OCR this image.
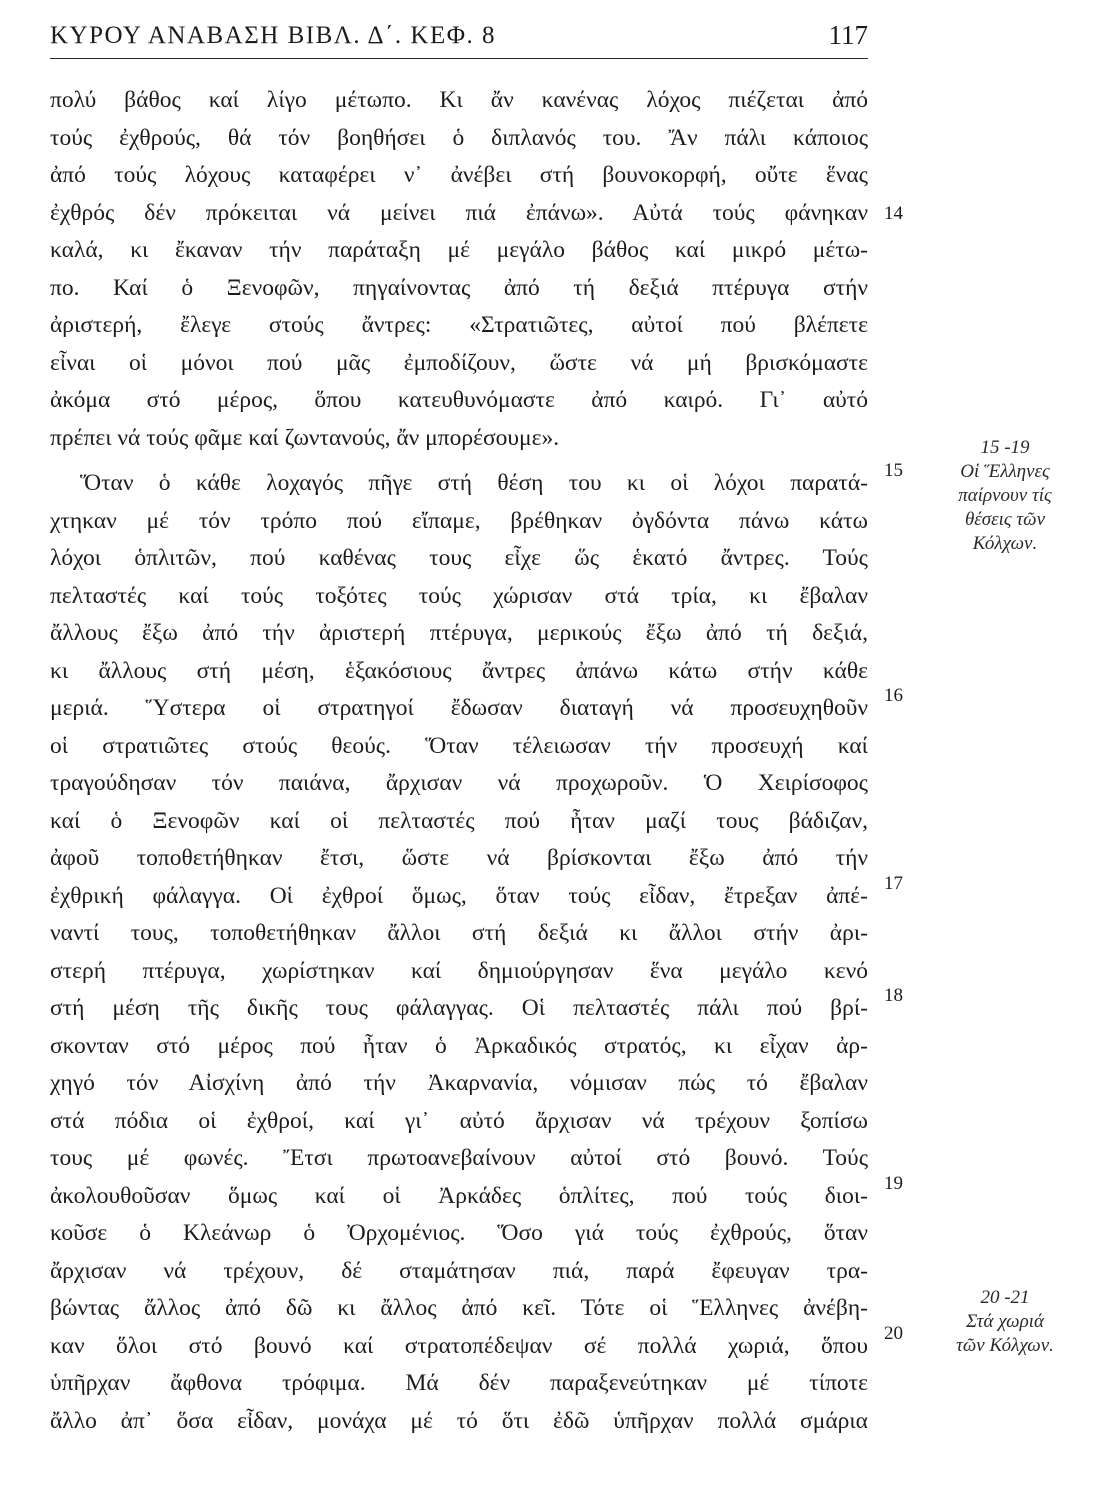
ΚΥΡΟΥ ΑΝΑΒΑΣΗ ΒΙΒΛ. Δ΄. ΚΕΦ. 8	117
πολύ βάθος καί λίγο μέτωπο. Κι ἄν κανένας λόχος πιέζεται ἀπό
τούς ἐχθρούς, θά τόν βοηθήσει ὁ διπλανός του. Ἄν πάλι κάποιος
ἀπό τούς λόχους καταφέρει ν᾿ ἀνέβει στή βουνοκορφή, οὔτε ἕνας
ἐχθρός δέν πρόκειται νά μείνει πιά ἐπάνω». Αὐτά τούς φάνηκαν
καλά, κι ἔκαναν τήν παράταξη μέ μεγάλο βάθος καί μικρό μέτω-
πο. Καί ὁ Ξενοφῶν, πηγαίνοντας ἀπό τή δεξιά πτέρυγα στήν
ἀριστερή, ἔλεγε στούς ἄντρες: «Στρατιῶτες, αὐτοί πού βλέπετε
εἶναι οἱ μόνοι πού μᾶς ἐμποδίζουν, ὥστε νά μή βρισκόμαστε
ἀκόμα στό μέρος, ὅπου κατευθυνόμαστε ἀπό καιρό. Γι᾿ αὐτό
πρέπει νά τούς φᾶμε καί ζωντανούς, ἄν μπορέσουμε».
Ὅταν ὁ κάθε λοχαγός πῆγε στή θέση του κι οἱ λόχοι παρατά-
χτηκαν μέ τόν τρόπο πού εἴπαμε, βρέθηκαν ὀγδόντα πάνω κάτω
λόχοι ὁπλιτῶν, πού καθένας τους εἶχε ὥς ἑκατό ἄντρες. Τούς
πελταστές καί τούς τοξότες τούς χώρισαν στά τρία, κι ἔβαλαν
ἄλλους ἔξω ἀπό τήν ἀριστερή πτέρυγα, μερικούς ἔξω ἀπό τή δεξιά,
κι ἄλλους στή μέση, ἑξακόσιους ἄντρες ἀπάνω κάτω στήν κάθε
μεριά. Ὕστερα οἱ στρατηγοί ἔδωσαν διαταγή νά προσευχηθοῦν
οἱ στρατιῶτες στούς θεούς. Ὅταν τέλειωσαν τήν προσευχή καί
τραγούδησαν τόν παιάνα, ἄρχισαν νά προχωροῦν. Ὁ Χειρίσοφος
καί ὁ Ξενοφῶν καί οἱ πελταστές πού ἦταν μαζί τους βάδιζαν,
ἀφοῦ τοποθετήθηκαν ἔτσι, ὥστε νά βρίσκονται ἔξω ἀπό τήν
ἐχθρική φάλαγγα. Οἱ ἐχθροί ὅμως, ὅταν τούς εἶδαν, ἔτρεξαν ἀπέ-
ναντί τους, τοποθετήθηκαν ἄλλοι στή δεξιά κι ἄλλοι στήν ἀρι-
στερή πτέρυγα, χωρίστηκαν καί δημιούργησαν ἕνα μεγάλο κενό
στή μέση τῆς δικῆς τους φάλαγγας. Οἱ πελταστές πάλι πού βρί-
σκονταν στό μέρος πού ἦταν ὁ Ἀρκαδικός στρατός, κι εἶχαν ἀρ-
χηγό τόν Αἰσχίνη ἀπό τήν Ἀκαρνανία, νόμισαν πώς τό ἔβαλαν
στά πόδια οἱ ἐχθροί, καί γι᾿ αὐτό ἄρχισαν νά τρέχουν ξοπίσω
τους μέ φωνές. Ἔτσι πρωτοανεβαίνουν αὐτοί στό βουνό. Τούς
ἀκολουθοῦσαν ὅμως καί οἱ Ἀρκάδες ὁπλίτες, πού τούς διοι-
κοῦσε ὁ Κλεάνωρ ὁ Ὀρχομένιος. Ὅσο γιά τούς ἐχθρούς, ὅταν
ἄρχισαν νά τρέχουν, δέ σταμάτησαν πιά, παρά ἔφευγαν τρα-
βώντας ἄλλος ἀπό δῶ κι ἄλλος ἀπό κεῖ. Τότε οἱ Ἕλληνες ἀνέβη-
καν ὅλοι στό βουνό καί στρατοπέδεψαν σέ πολλά χωριά, ὅπου
ὑπῆρχαν ἄφθονα τρόφιμα. Μά δέν παραξενεύτηκαν μέ τίποτε
ἄλλο ἀπ᾿ ὅσα εἶδαν, μονάχα μέ τό ὅτι ἐδῶ ὑπῆρχαν πολλά σμάρια
14
15
16
17
18
19
20
15 -19
Οἱ Ἕλληνες
παίρνουν τίς
θέσεις τῶν
Κόλχων.
20 -21
Στά χωριά
τῶν Κόλχων.
